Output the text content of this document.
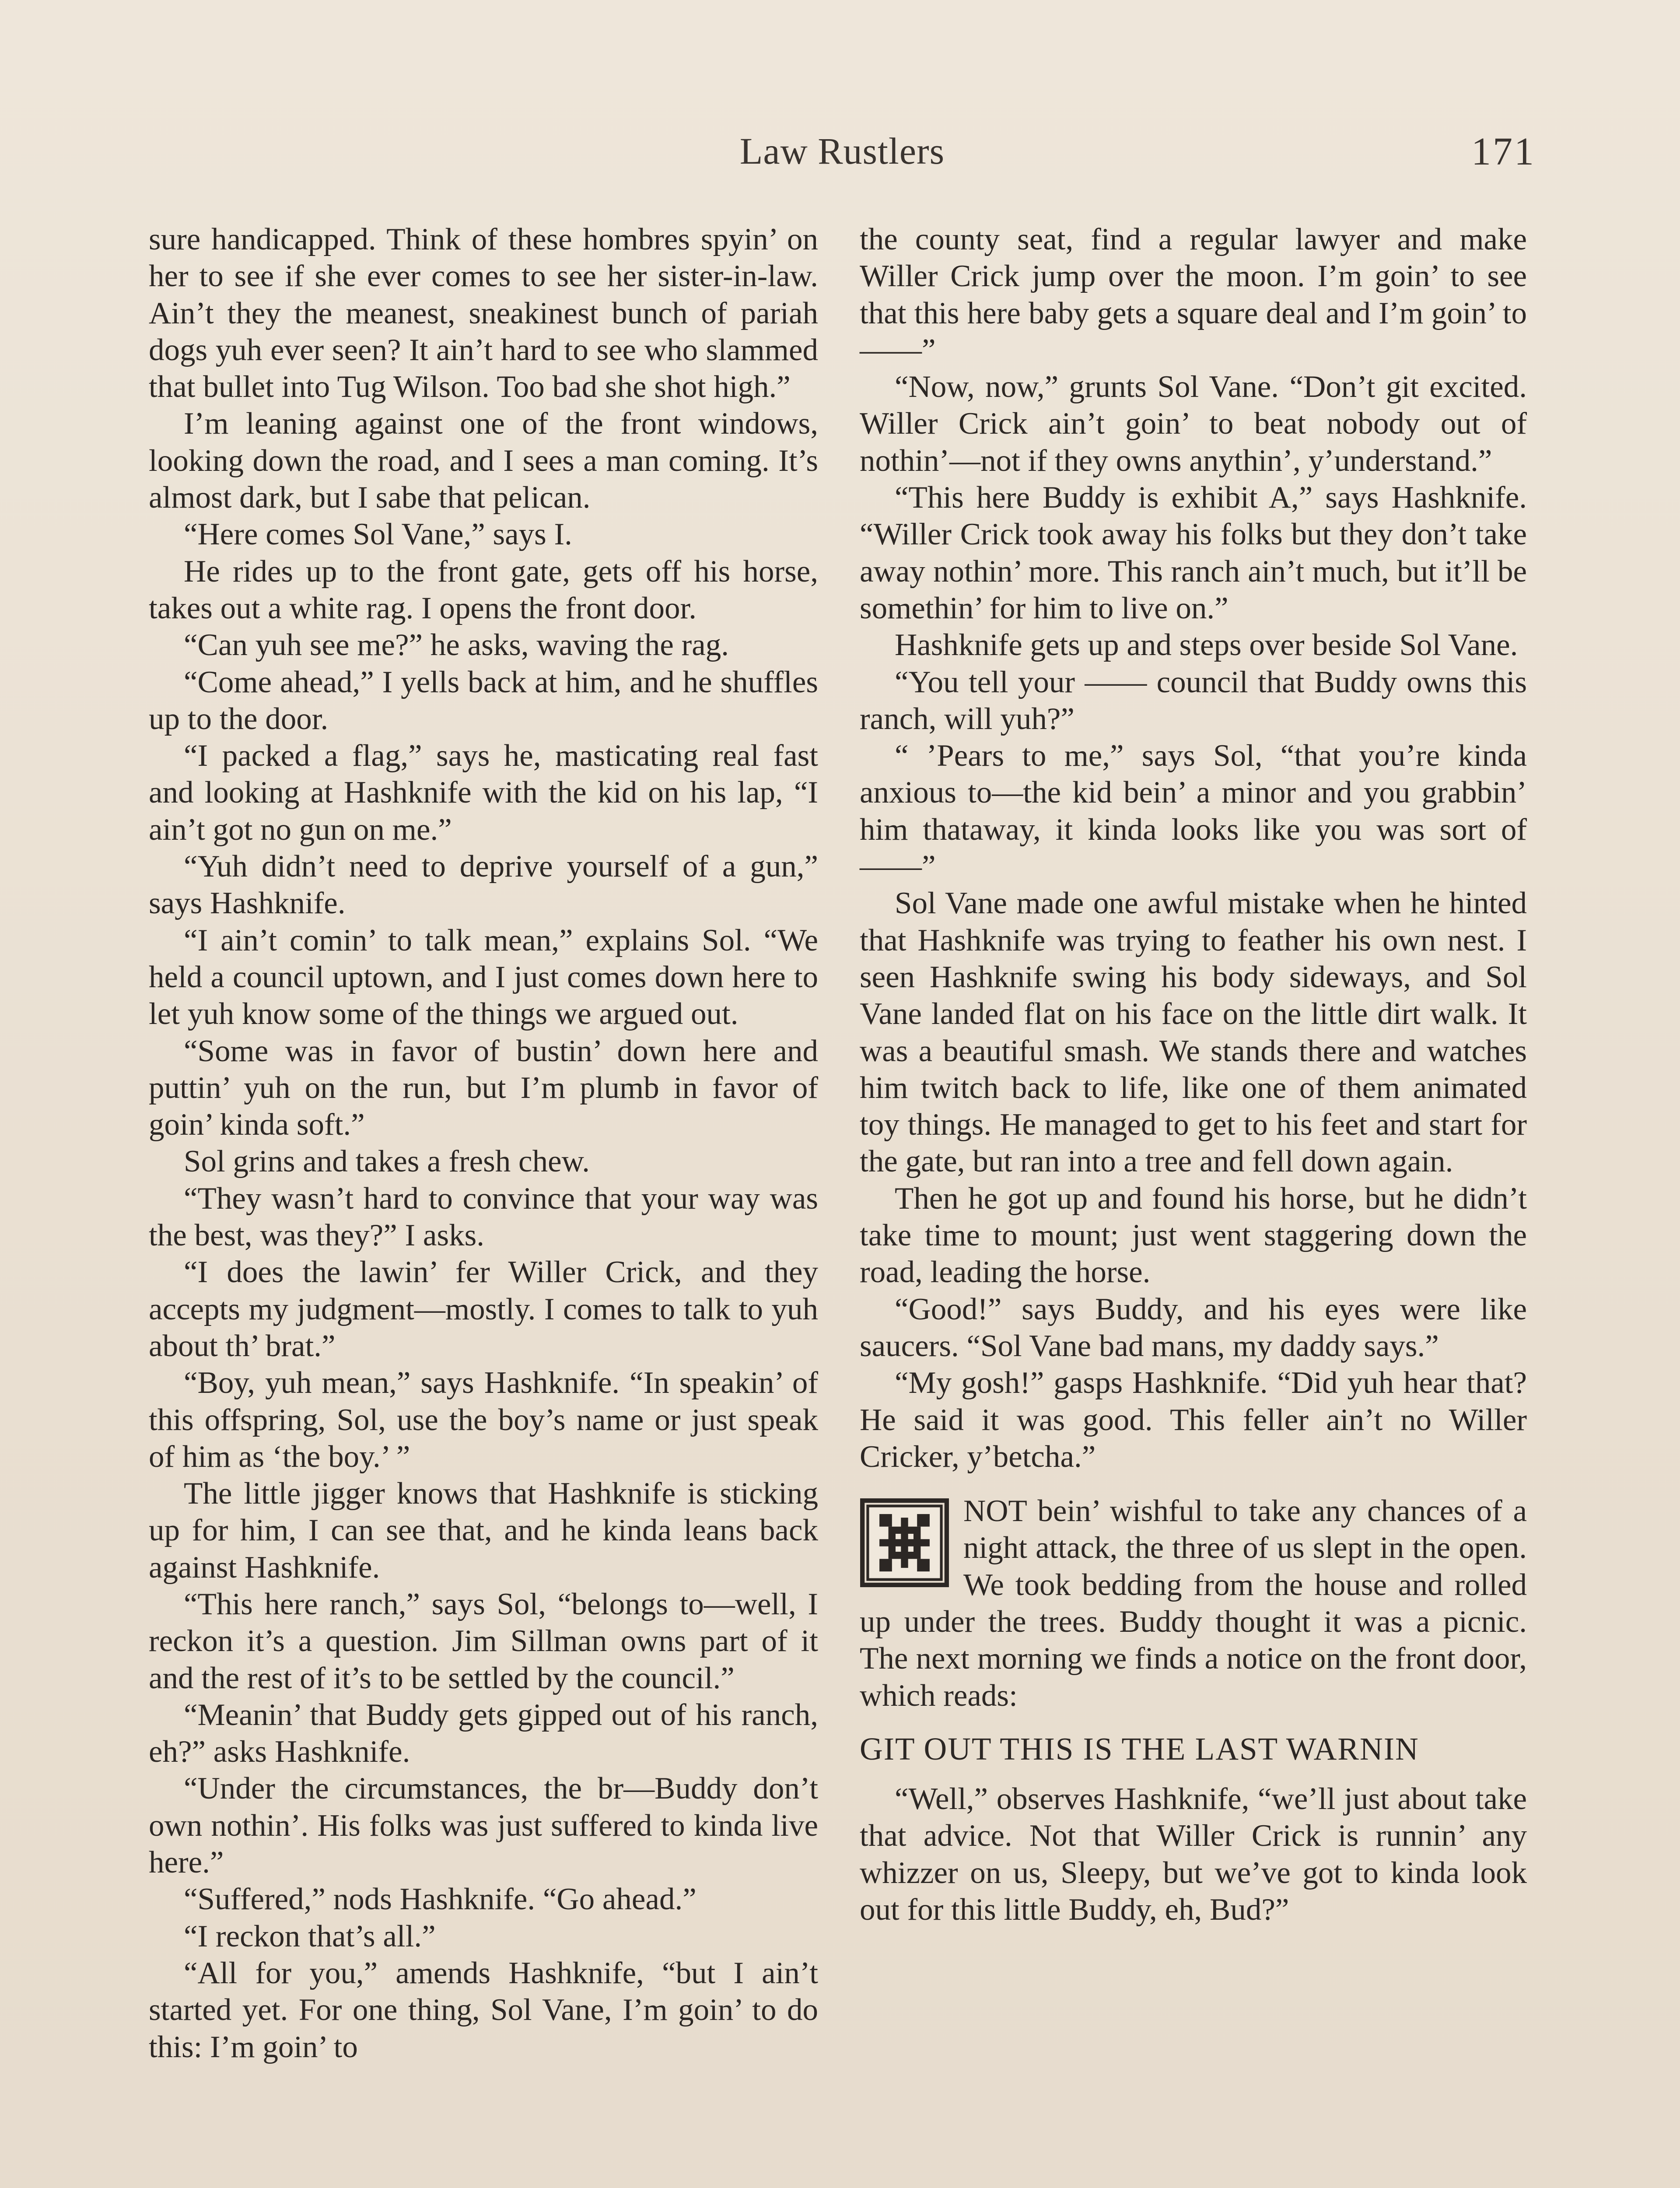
Law Rustlers	171

sure handicapped. Think of these hombres spyin’ on her to see if she ever comes to see her sister-in-law. Ain’t they the meanest, sneakinest bunch of pariah dogs yuh ever seen? It ain’t hard to see who slammed that bullet into Tug Wilson. Too bad she shot high.”

I’m leaning against one of the front windows, looking down the road, and I sees a man coming. It’s almost dark, but I sabe that pelican.

“Here comes Sol Vane,” says I.

He rides up to the front gate, gets off his horse, takes out a white rag. I opens the front door.

“Can yuh see me?” he asks, waving the rag.

“Come ahead,” I yells back at him, and he shuffles up to the door.

“I packed a flag,” says he, masticating real fast and looking at Hashknife with the kid on his lap, “I ain’t got no gun on me.”

“Yuh didn’t need to deprive yourself of a gun,” says Hashknife.

“I ain’t comin’ to talk mean,” explains Sol. “We held a council uptown, and I just comes down here to let yuh know some of the things we argued out.

“Some was in favor of bustin’ down here and puttin’ yuh on the run, but I’m plumb in favor of goin’ kinda soft.”

Sol grins and takes a fresh chew.

“They wasn’t hard to convince that your way was the best, was they?” I asks.

“I does the lawin’ fer Willer Crick, and they accepts my judgment—mostly. I comes to talk to yuh about th’ brat.”

“Boy, yuh mean,” says Hashknife. “In speakin’ of this offspring, Sol, use the boy’s name or just speak of him as ‘the boy.’ ”

The little jigger knows that Hashknife is sticking up for him, I can see that, and he kinda leans back against Hashknife.

“This here ranch,” says Sol, “belongs to—well, I reckon it’s a question. Jim Sillman owns part of it and the rest of it’s to be settled by the council.”

“Meanin’ that Buddy gets gipped out of his ranch, eh?” asks Hashknife.

“Under the circumstances, the br—Buddy don’t own nothin’. His folks was just suffered to kinda live here.”

“Suffered,” nods Hashknife. “Go ahead.”

“I reckon that’s all.”

“All for you,” amends Hashknife, “but I ain’t started yet. For one thing, Sol Vane, I’m goin’ to do this: I’m goin’ to

the county seat, find a regular lawyer and make Willer Crick jump over the moon. I’m goin’ to see that this here baby gets a square deal and I’m goin’ to——”

“Now, now,” grunts Sol Vane. “Don’t git excited. Willer Crick ain’t goin’ to beat nobody out of nothin’—not if they owns anythin’, y’understand.”

“This here Buddy is exhibit A,” says Hashknife. “Willer Crick took away his folks but they don’t take away nothin’ more. This ranch ain’t much, but it’ll be somethin’ for him to live on.”

Hashknife gets up and steps over beside Sol Vane.

“You tell your —— council that Buddy owns this ranch, will yuh?”

“ ’Pears to me,” says Sol, “that you’re kinda anxious to—the kid bein’ a minor and you grabbin’ him thataway, it kinda looks like you was sort of——”

Sol Vane made one awful mistake when he hinted that Hashknife was trying to feather his own nest. I seen Hashknife swing his body sideways, and Sol Vane landed flat on his face on the little dirt walk. It was a beautiful smash. We stands there and watches him twitch back to life, like one of them animated toy things. He managed to get to his feet and start for the gate, but ran into a tree and fell down again.

Then he got up and found his horse, but he didn’t take time to mount; just went staggering down the road, leading the horse.

“Good!” says Buddy, and his eyes were like saucers. “Sol Vane bad mans, my daddy says.”

“My gosh!” gasps Hashknife. “Did yuh hear that? He said it was good. This feller ain’t no Willer Cricker, y’betcha.”

NOT bein’ wishful to take any chances of a night attack, the three of us slept in the open. We took bedding from the house and rolled up under the trees. Buddy thought it was a picnic. The next morning we finds a notice on the front door, which reads:

GIT OUT THIS IS THE LAST WARNIN

“Well,” observes Hashknife, “we’ll just about take that advice. Not that Willer Crick is runnin’ any whizzer on us, Sleepy, but we’ve got to kinda look out for this little Buddy, eh, Bud?”
